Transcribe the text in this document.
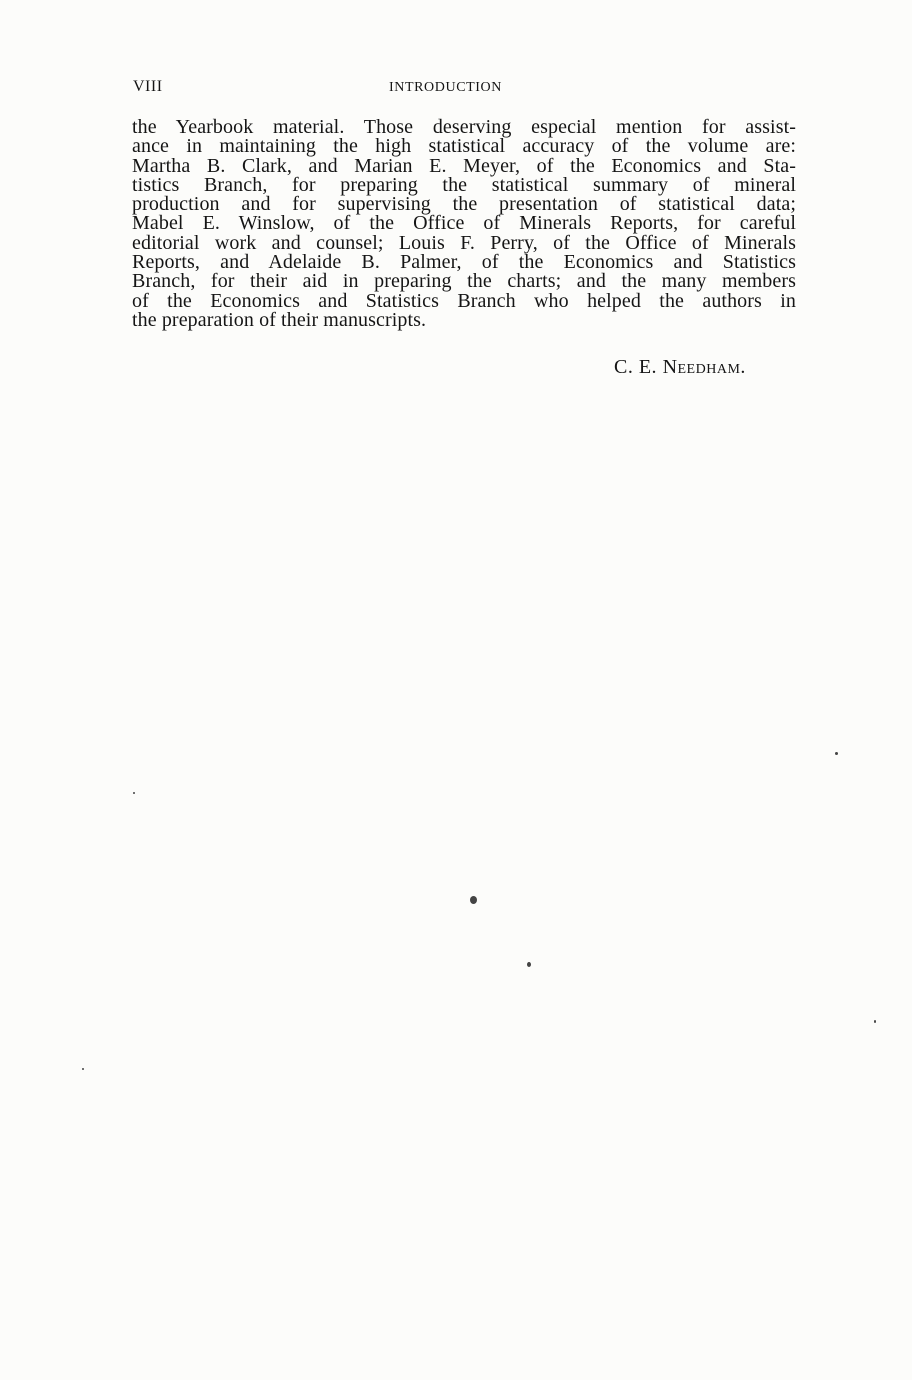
VIII	INTRODUCTION
the Yearbook material. Those deserving especial mention for assist-
ance in maintaining the high statistical accuracy of the volume are:
Martha B. Clark, and Marian E. Meyer, of the Economics and Sta-
tistics Branch, for preparing the statistical summary of mineral
production and for supervising the presentation of statistical data;
Mabel E. Winslow, of the Office of Minerals Reports, for careful
editorial work and counsel; Louis F. Perry, of the Office of Minerals
Reports, and Adelaide B. Palmer, of the Economics and Statistics
Branch, for their aid in preparing the charts; and the many members
of the Economics and Statistics Branch who helped the authors in
the preparation of their manuscripts.
C. E. Needham.
